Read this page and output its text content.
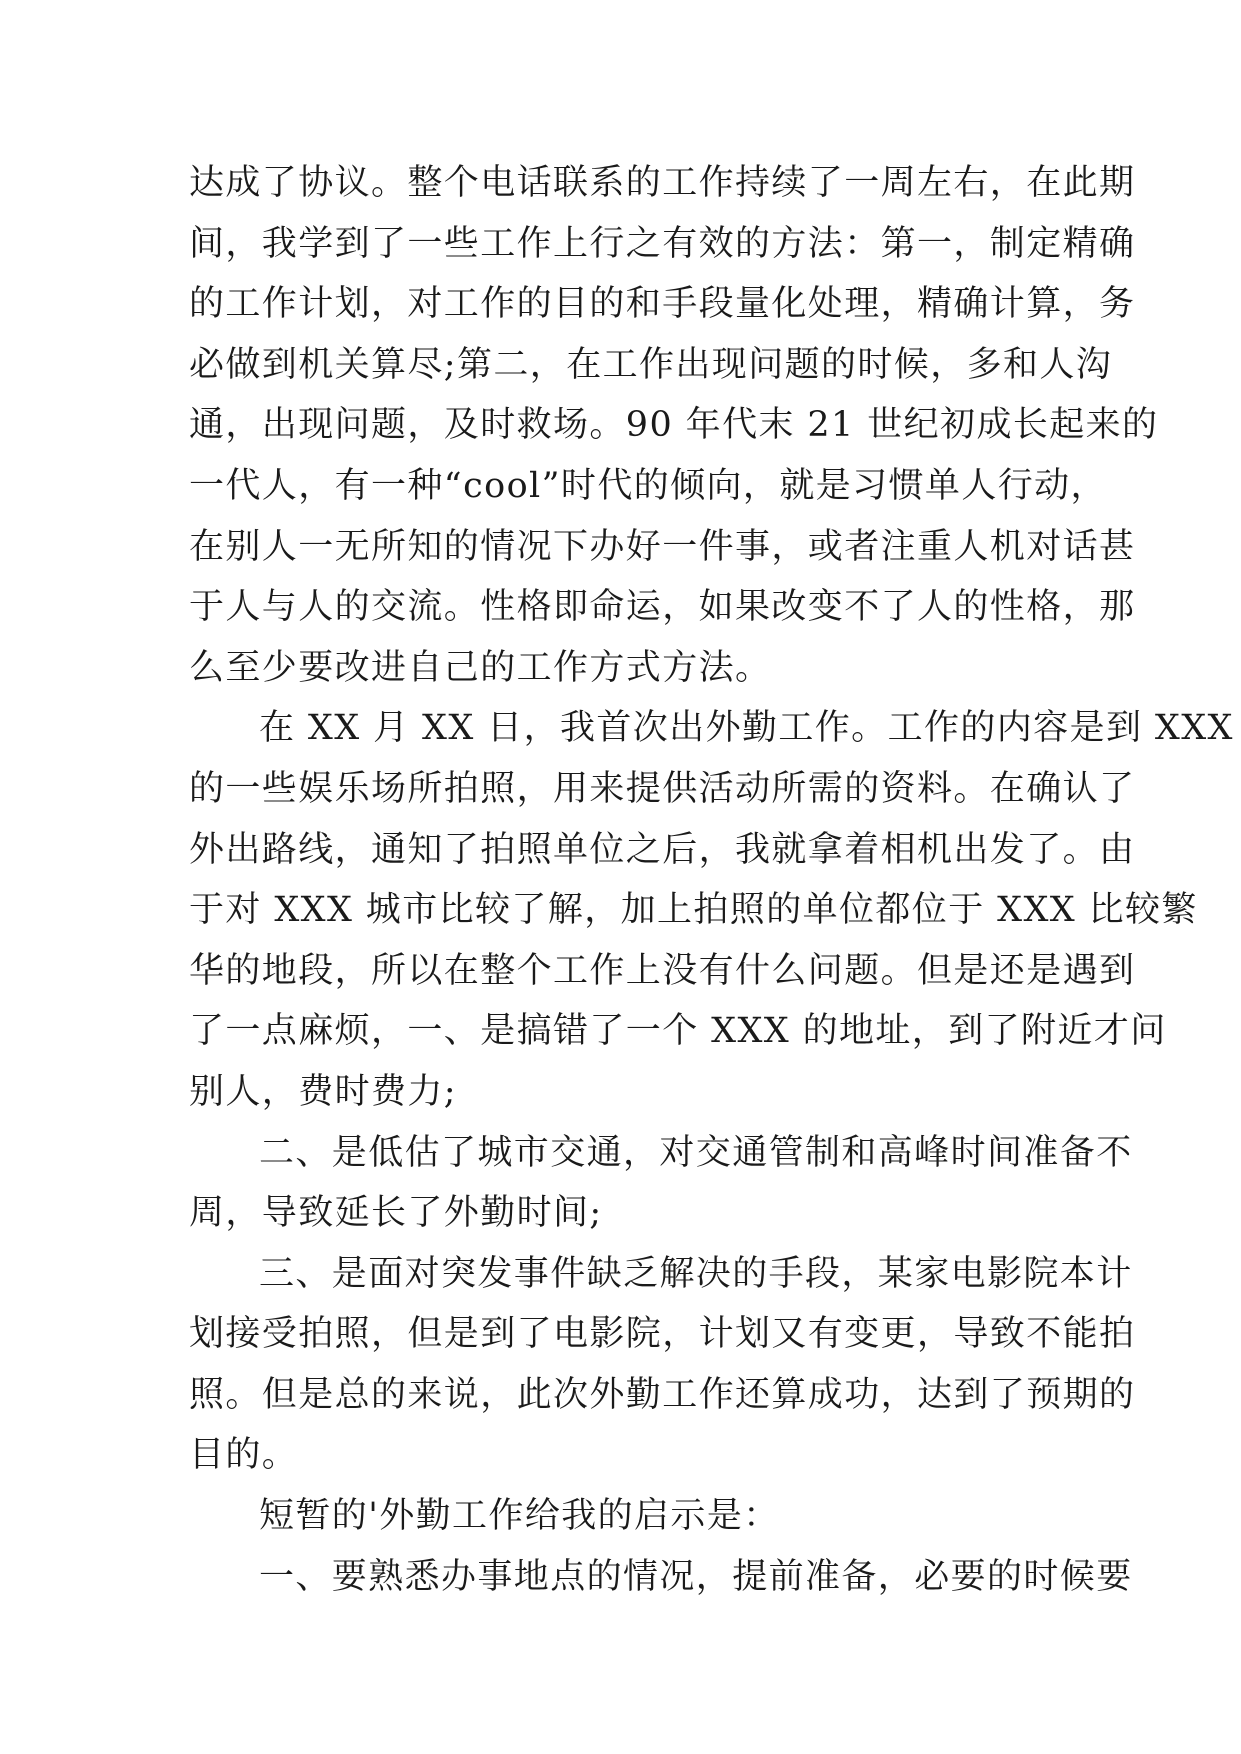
达成了协议。整个电话联系的工作持续了一周左右，在此期
间，我学到了一些工作上行之有效的方法：第一，制定精确
的工作计划，对工作的目的和手段量化处理，精确计算，务
必做到机关算尽;第二，在工作出现问题的时候，多和人沟
通，出现问题，及时救场。90 年代末 21 世纪初成长起来的
一代人，有一种“cool”时代的倾向，就是习惯单人行动，
在别人一无所知的情况下办好一件事，或者注重人机对话甚
于人与人的交流。性格即命运，如果改变不了人的性格，那
么至少要改进自己的工作方式方法。
在 XX 月 XX 日，我首次出外勤工作。工作的内容是到 XXX
的一些娱乐场所拍照，用来提供活动所需的资料。在确认了
外出路线，通知了拍照单位之后，我就拿着相机出发了。由
于对 XXX 城市比较了解，加上拍照的单位都位于 XXX 比较繁
华的地段，所以在整个工作上没有什么问题。但是还是遇到
了一点麻烦，一、是搞错了一个 XXX 的地址，到了附近才问
别人，费时费力;
二、是低估了城市交通，对交通管制和高峰时间准备不
周，导致延长了外勤时间;
三、是面对突发事件缺乏解决的手段，某家电影院本计
划接受拍照，但是到了电影院，计划又有变更，导致不能拍
照。但是总的来说，此次外勤工作还算成功，达到了预期的
目的。
短暂的'外勤工作给我的启示是：
一、要熟悉办事地点的情况，提前准备，必要的时候要
